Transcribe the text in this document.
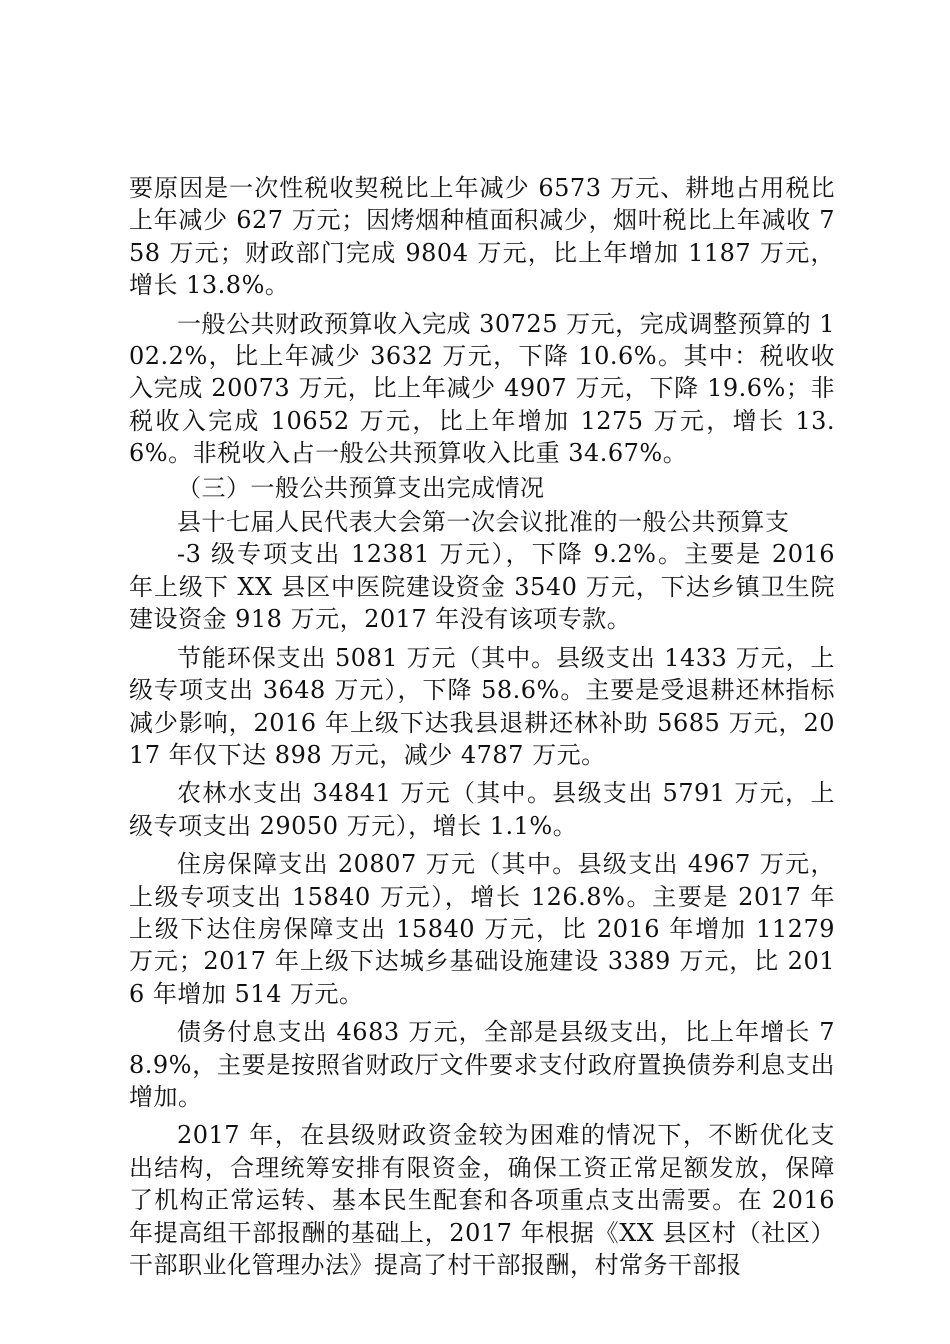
要原因是一次性税收契税比上年减少 6573 万元、耕地占用税比上年减少 627 万元；因烤烟种植面积减少，烟叶税比上年减收 758 万元；财政部门完成 9804 万元，比上年增加 1187 万元，增长 13.8%。

一般公共财政预算收入完成 30725 万元，完成调整预算的 102.2%，比上年减少 3632 万元，下降 10.6%。其中：税收收入完成 20073 万元，比上年减少 4907 万元，下降 19.6%；非税收入完成 10652 万元，比上年增加 1275 万元，增长 13.6%。非税收入占一般公共预算收入比重 34.67%。

（三）一般公共预算支出完成情况

县十七届人民代表大会第一次会议批准的一般公共预算支

-3 级专项支出 12381 万元），下降 9.2%。主要是 2016 年上级下 XX 县区中医院建设资金 3540 万元，下达乡镇卫生院建设资金 918 万元，2017 年没有该项专款。

节能环保支出 5081 万元（其中。县级支出 1433 万元，上级专项支出 3648 万元），下降 58.6%。主要是受退耕还林指标减少影响，2016 年上级下达我县退耕还林补助 5685 万元，2017 年仅下达 898 万元，减少 4787 万元。

农林水支出 34841 万元（其中。县级支出 5791 万元，上级专项支出 29050 万元），增长 1.1%。

住房保障支出 20807 万元（其中。县级支出 4967 万元，上级专项支出 15840 万元），增长 126.8%。主要是 2017 年上级下达住房保障支出 15840 万元，比 2016 年增加 11279 万元；2017 年上级下达城乡基础设施建设 3389 万元，比 2016 年增加 514 万元。

债务付息支出 4683 万元，全部是县级支出，比上年增长 78.9%，主要是按照省财政厅文件要求支付政府置换债券利息支出增加。

2017 年，在县级财政资金较为困难的情况下，不断优化支出结构，合理统筹安排有限资金，确保工资正常足额发放，保障了机构正常运转、基本民生配套和各项重点支出需要。在 2016 年提高组干部报酬的基础上，2017 年根据《XX 县区村（社区）干部职业化管理办法》提高了村干部报酬，村常务干部报
